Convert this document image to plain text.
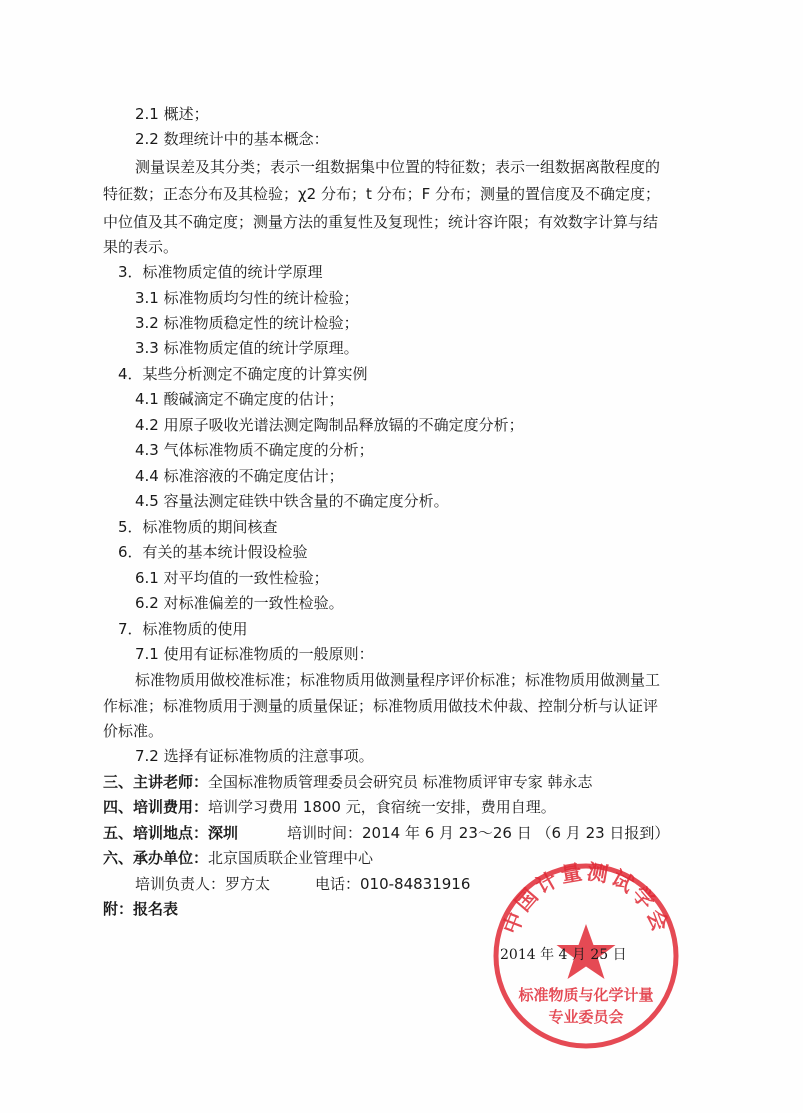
2.1 概述；
2.2 数理统计中的基本概念：
测量误差及其分类；表示一组数据集中位置的特征数；表示一组数据离散程度的
特征数；正态分布及其检验；χ2 分布；t 分布；F 分布；测量的置信度及不确定度；
中位值及其不确定度；测量方法的重复性及复现性；统计容许限；有效数字计算与结
果的表示。
3．标准物质定值的统计学原理
3.1 标准物质均匀性的统计检验；
3.2 标准物质稳定性的统计检验；
3.3 标准物质定值的统计学原理。
4．某些分析测定不确定度的计算实例
4.1 酸碱滴定不确定度的估计；
4.2 用原子吸收光谱法测定陶制品释放镉的不确定度分析；
4.3 气体标准物质不确定度的分析；
4.4 标准溶液的不确定度估计；
4.5 容量法测定硅铁中铁含量的不确定度分析。
5．标准物质的期间核查
6．有关的基本统计假设检验
6.1 对平均值的一致性检验；
6.2 对标准偏差的一致性检验。
7．标准物质的使用
7.1 使用有证标准物质的一般原则：
标准物质用做校准标准；标准物质用做测量程序评价标准；标准物质用做测量工
作标准；标准物质用于测量的质量保证；标准物质用做技术仲裁、控制分析与认证评
价标准。
7.2 选择有证标准物质的注意事项。
三、主讲老师：全国标准物质管理委员会研究员 标准物质评审专家 韩永志
四、培训费用：培训学习费用 1800 元，食宿统一安排，费用自理。
五、培训地点：深圳	培训时间：2014 年 6 月 23～26 日 （6 月 23 日报到）
六、承办单位：北京国质联企业管理中心
培训负责人：罗方太	电话：010-84831916
附：报名表	中国计量测试学会
标准物质与化学计量
专业委员会
2014 年 4 月 25 日
